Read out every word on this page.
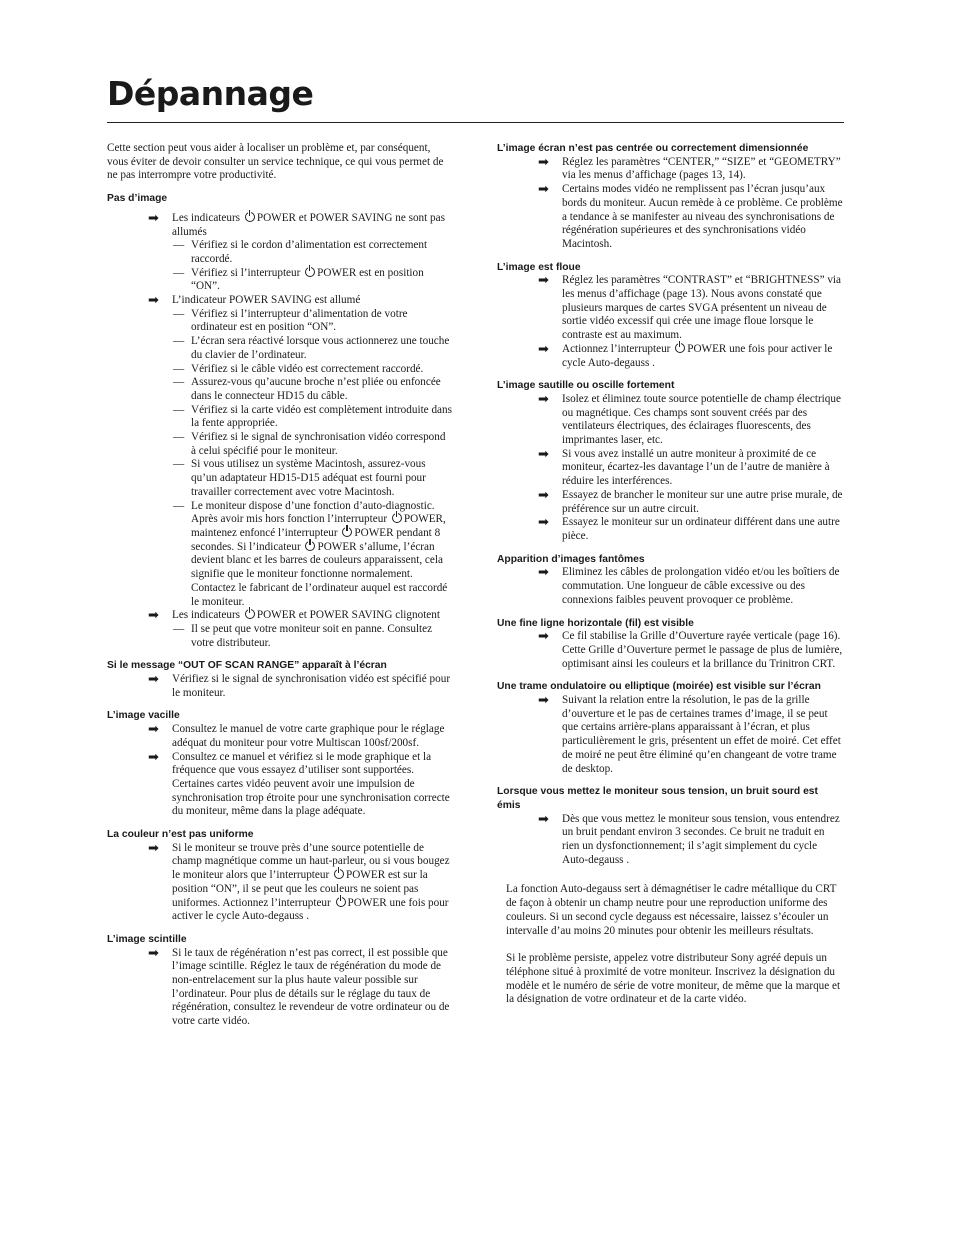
Dépannage

Cette section peut vous aider à localiser un problème et, par conséquent, vous éviter de devoir consulter un service technique, ce qui vous permet de ne pas interrompre votre productivité.

Pas d’image

➡ Les indicateurs POWER et POWER SAVING ne sont pas allumés
— Vérifiez si le cordon d’alimentation est correctement raccordé.
— Vérifiez si l’interrupteur POWER est en position “ON”.
➡ L’indicateur POWER SAVING est allumé
— Vérifiez si l’interrupteur d’alimentation de votre ordinateur est en position “ON”.
— L’écran sera réactivé lorsque vous actionnerez une touche du clavier de l’ordinateur.
— Vérifiez si le câble vidéo est correctement raccordé.
— Assurez-vous qu’aucune broche n’est pliée ou enfoncée dans le connecteur HD15 du câble.
— Vérifiez si la carte vidéo est complètement introduite dans la fente appropriée.
— Vérifiez si le signal de synchronisation vidéo correspond à celui spécifié pour le moniteur.
— Si vous utilisez un système Macintosh, assurez-vous qu’un adaptateur HD15-D15 adéquat est fourni pour travailler correctement avec votre Macintosh.
— Le moniteur dispose d’une fonction d’auto-diagnostic. Après avoir mis hors fonction l’interrupteur POWER, maintenez enfoncé l’interrupteur POWER pendant 8 secondes. Si l’indicateur POWER s’allume, l’écran devient blanc et les barres de couleurs apparaissent, cela signifie que le moniteur fonctionne normalement. Contactez le fabricant de l’ordinateur auquel est raccordé le moniteur.
➡ Les indicateurs POWER et POWER SAVING clignotent
— Il se peut que votre moniteur soit en panne. Consultez votre distributeur.

Si le message “OUT OF SCAN RANGE” apparaît à l’écran

➡ Vérifiez si le signal de synchronisation vidéo est spécifié pour le moniteur.

L’image vacille

➡ Consultez le manuel de votre carte graphique pour le réglage adéquat du moniteur pour votre Multiscan 100sf/200sf.
➡ Consultez ce manuel et vérifiez si le mode graphique et la fréquence que vous essayez d’utiliser sont supportées. Certaines cartes vidéo peuvent avoir une impulsion de synchronisation trop étroite pour une synchronisation correcte du moniteur, même dans la plage adéquate.

La couleur n’est pas uniforme

➡ Si le moniteur se trouve près d’une source potentielle de champ magnétique comme un haut-parleur, ou si vous bougez le moniteur alors que l’interrupteur POWER est sur la position “ON”, il se peut que les couleurs ne soient pas uniformes. Actionnez l’interrupteur POWER une fois pour activer le cycle Auto-degauss .

L’image scintille

➡ Si le taux de régénération n’est pas correct, il est possible que l’image scintille. Réglez le taux de régénération du mode de non-entrelacement sur la plus haute valeur possible sur l’ordinateur. Pour plus de détails sur le réglage du taux de régénération, consultez le revendeur de votre ordinateur ou de votre carte vidéo.

L’image écran n’est pas centrée ou correctement dimensionnée

➡ Réglez les paramètres “CENTER,” “SIZE” et “GEOMETRY” via les menus d’affichage (pages 13, 14).
➡ Certains modes vidéo ne remplissent pas l’écran jusqu’aux bords du moniteur. Aucun remède à ce problème. Ce problème a tendance à se manifester au niveau des synchronisations de régénération supérieures et des synchronisations vidéo Macintosh.

L’image est floue

➡ Réglez les paramètres “CONTRAST” et “BRIGHTNESS” via les menus d’affichage (page 13). Nous avons constaté que plusieurs marques de cartes SVGA présentent un niveau de sortie vidéo excessif qui crée une image floue lorsque le contraste est au maximum.
➡ Actionnez l’interrupteur POWER une fois pour activer le cycle Auto-degauss .

L’image sautille ou oscille fortement

➡ Isolez et éliminez toute source potentielle de champ électrique ou magnétique. Ces champs sont souvent créés par des ventilateurs électriques, des éclairages fluorescents, des imprimantes laser, etc.
➡ Si vous avez installé un autre moniteur à proximité de ce moniteur, écartez-les davantage l’un de l’autre de manière à réduire les interférences.
➡ Essayez de brancher le moniteur sur une autre prise murale, de préférence sur un autre circuit.
➡ Essayez le moniteur sur un ordinateur différent dans une autre pièce.

Apparition d’images fantômes

➡ Eliminez les câbles de prolongation vidéo et/ou les boîtiers de commutation. Une longueur de câble excessive ou des connexions faibles peuvent provoquer ce problème.

Une fine ligne horizontale (fil) est visible

➡ Ce fil stabilise la Grille d’Ouverture rayée verticale (page 16). Cette Grille d’Ouverture permet le passage de plus de lumière, optimisant ainsi les couleurs et la brillance du Trinitron CRT.

Une trame ondulatoire ou elliptique (moirée) est visible sur l’écran

➡ Suivant la relation entre la résolution, le pas de la grille d’ouverture et le pas de certaines trames d’image, il se peut que certains arrière-plans apparaissant à l’écran, et plus particulièrement le gris, présentent un effet de moiré. Cet effet de moiré ne peut être éliminé qu’en changeant de votre trame de desktop.

Lorsque vous mettez le moniteur sous tension, un bruit sourd est émis

➡ Dès que vous mettez le moniteur sous tension, vous entendrez un bruit pendant environ 3 secondes. Ce bruit ne traduit en rien un dysfonctionnement; il s’agit simplement du cycle Auto-degauss .

La fonction Auto-degauss sert à démagnétiser le cadre métallique du CRT de façon à obtenir un champ neutre pour une reproduction uniforme des couleurs. Si un second cycle degauss est nécessaire, laissez s’écouler un intervalle d’au moins 20 minutes pour obtenir les meilleurs résultats.

Si le problème persiste, appelez votre distributeur Sony agréé depuis un téléphone situé à proximité de votre moniteur. Inscrivez la désignation du modèle et le numéro de série de votre moniteur, de même que la marque et la désignation de votre ordinateur et de la carte vidéo.
